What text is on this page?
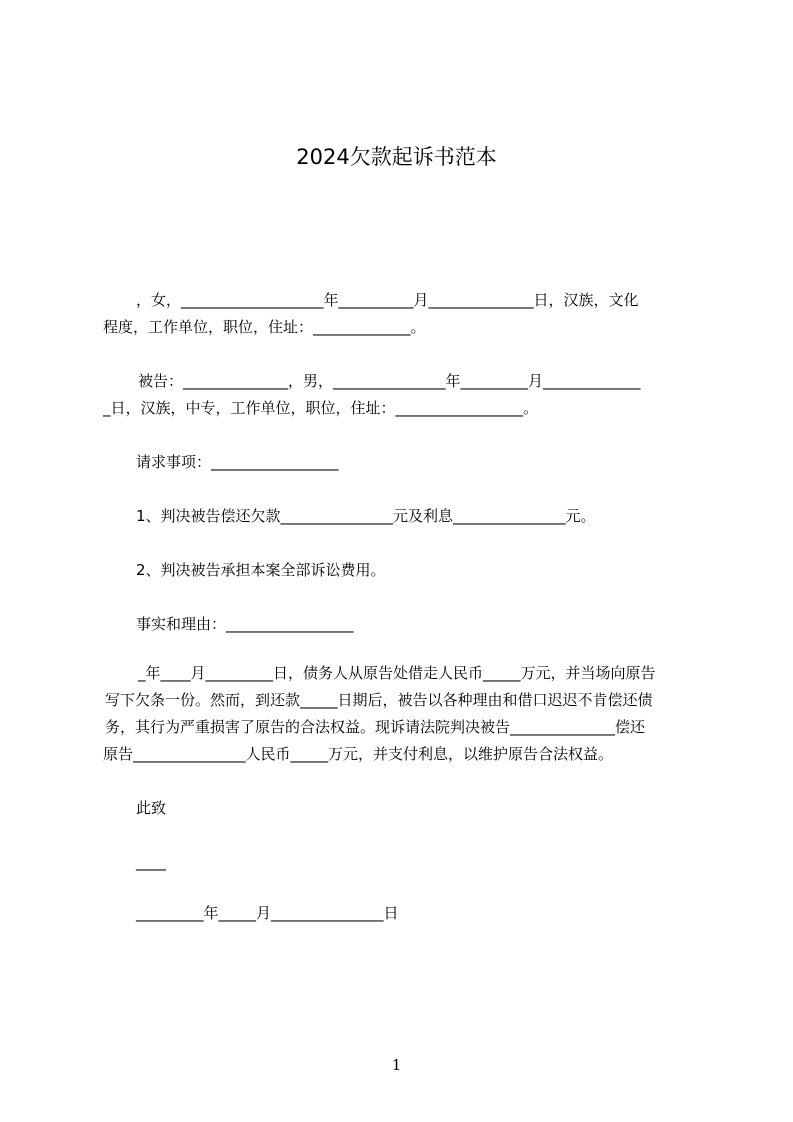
2024欠款起诉书范本
，女，___________________年__________月______________日，汉族，文化
程度，工作单位，职位，住址：_____________。
被告：______________，男，_______________年_________月_____________
_日，汉族，中专，工作单位，职位，住址：_________________。
请求事项：_________________
1、判决被告偿还欠款_______________元及利息_______________元。
2、判决被告承担本案全部诉讼费用。
事实和理由：_________________
_年____月_________日，债务人从原告处借走人民币_____万元，并当场向原告
写下欠条一份。然而，到还款_____日期后，被告以各种理由和借口迟迟不肯偿还债
务，其行为严重损害了原告的合法权益。现诉请法院判决被告______________偿还
原告_______________人民币_____万元，并支付利息，以维护原告合法权益。
此致
____
_________年_____月_______________日
1
